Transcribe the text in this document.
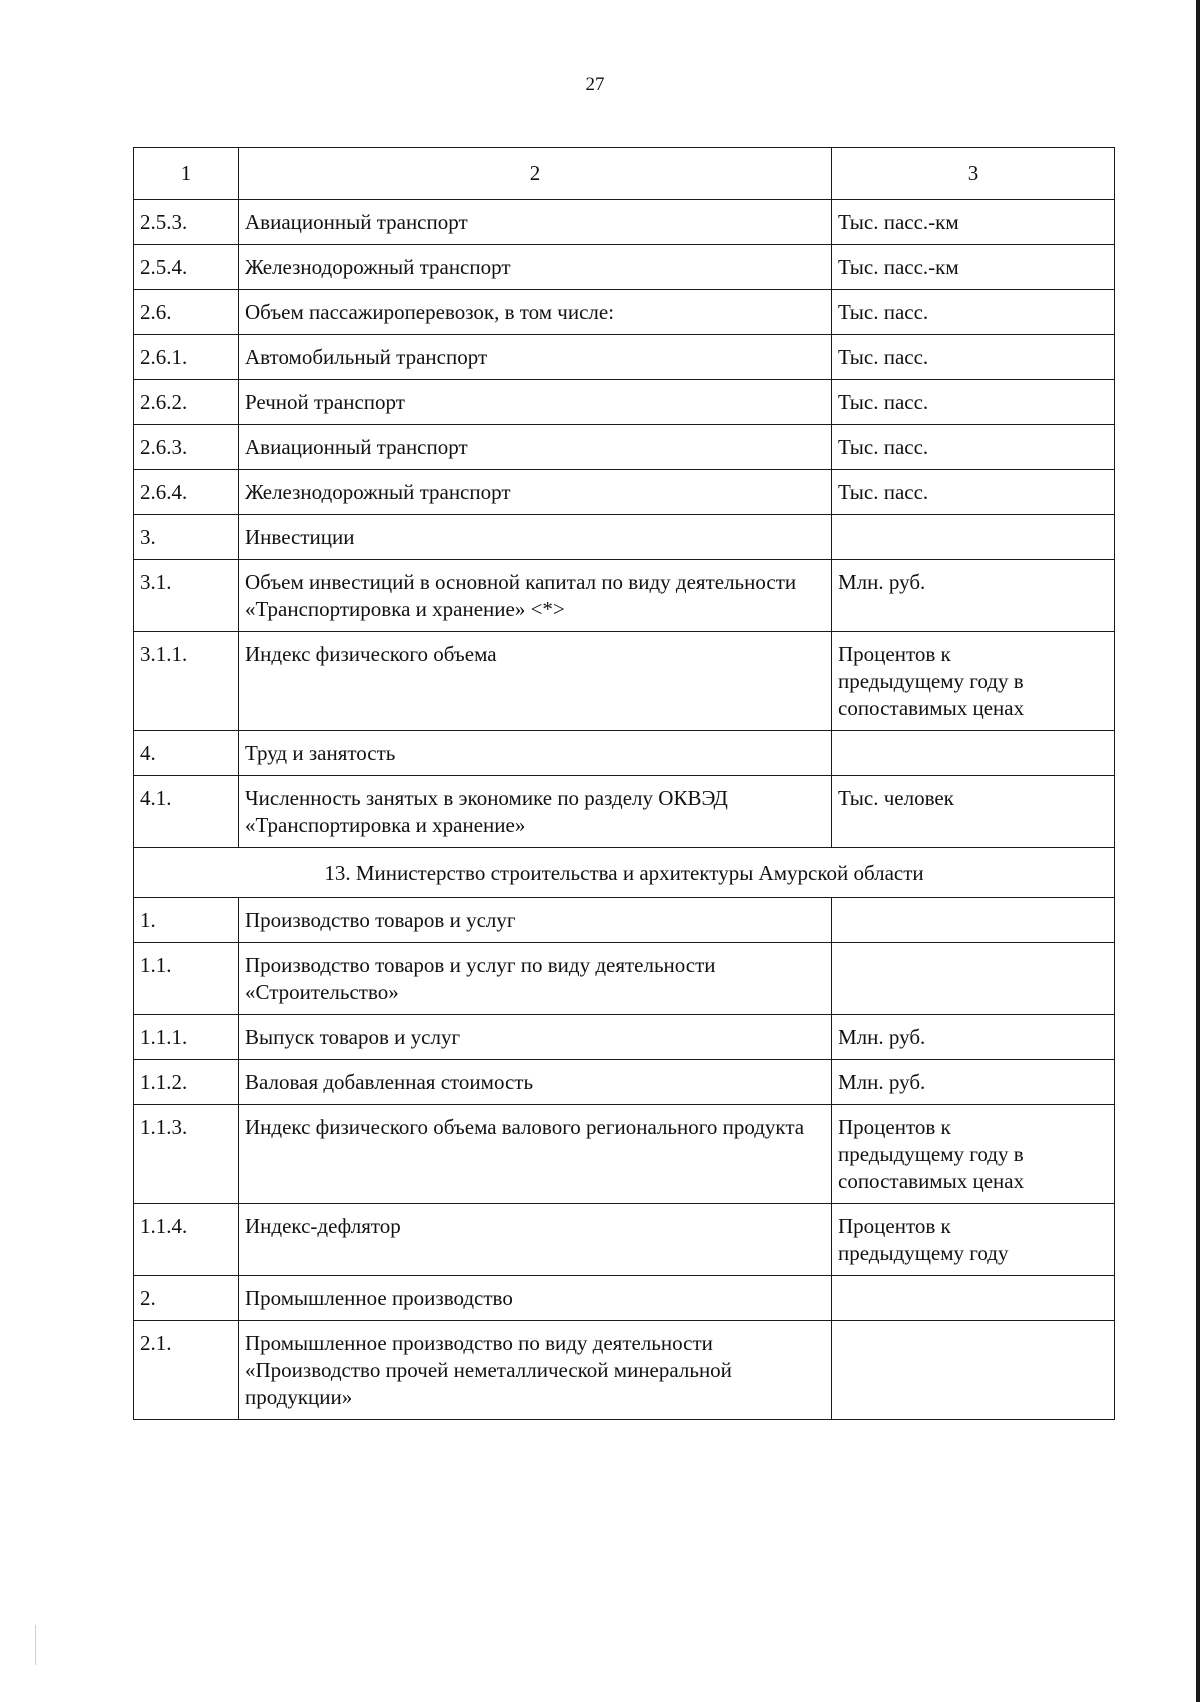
27
1	2	3
2.5.3.	Авиационный транспорт	Тыс. пасс.-км
2.5.4.	Железнодорожный транспорт	Тыс. пасс.-км
2.6.	Объем пассажироперевозок, в том числе:	Тыс. пасс.
2.6.1.	Автомобильный транспорт	Тыс. пасс.
2.6.2.	Речной транспорт	Тыс. пасс.
2.6.3.	Авиационный транспорт	Тыс. пасс.
2.6.4.	Железнодорожный транспорт	Тыс. пасс.
3.	Инвестиции	
3.1.	Объем инвестиций в основной капитал по виду деятельности «Транспортировка и хранение» <*>	Млн. руб.
3.1.1.	Индекс физического объема	Процентов к
предыдущему году в
сопоставимых ценах
4.	Труд и занятость	
4.1.	Численность занятых в экономике по разделу ОКВЭД «Транспортировка и хранение»	Тыс. человек
13. Министерство строительства и архитектуры Амурской области		
1.	Производство товаров и услуг	
1.1.	Производство товаров и услуг по виду деятельности «Строительство»	
1.1.1.	Выпуск товаров и услуг	Млн. руб.
1.1.2.	Валовая добавленная стоимость	Млн. руб.
1.1.3.	Индекс физического объема валового регионального продукта	Процентов к
предыдущему году в
сопоставимых ценах
1.1.4.	Индекс-дефлятор	Процентов к
предыдущему году
2.	Промышленное производство	
2.1.	Промышленное производство по виду деятельности «Производство прочей неметаллической минеральной продукции»	
